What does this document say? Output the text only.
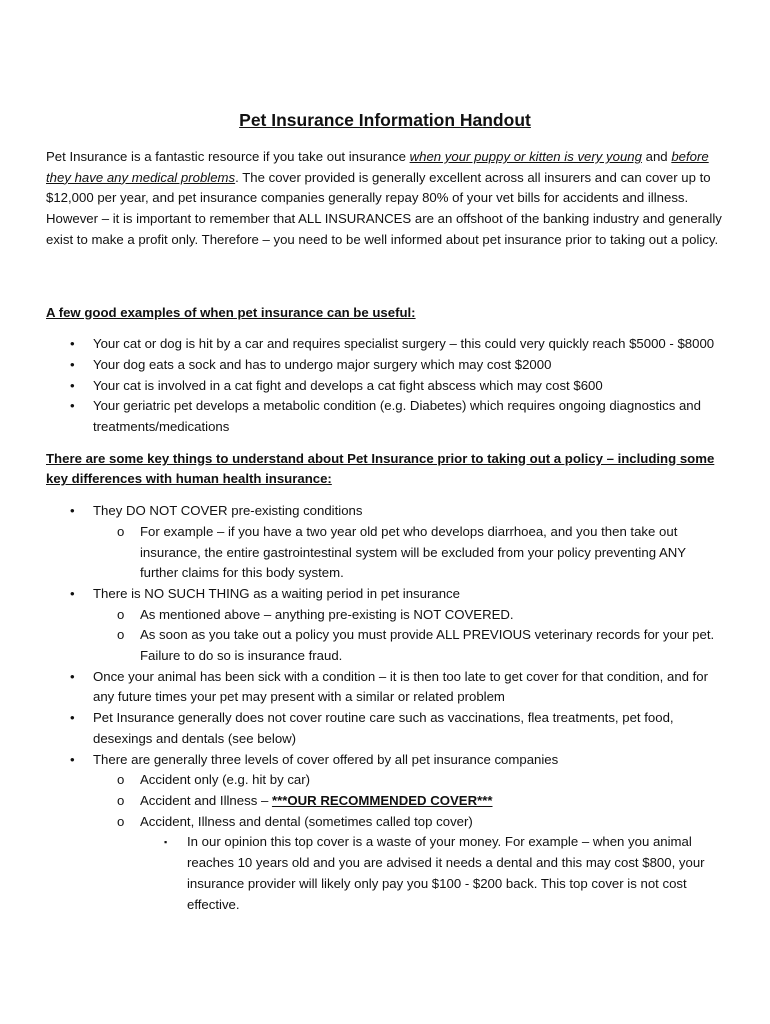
Pet Insurance Information Handout

Pet Insurance is a fantastic resource if you take out insurance when your puppy or kitten is very young and before they have any medical problems. The cover provided is generally excellent across all insurers and can cover up to $12,000 per year, and pet insurance companies generally repay 80% of your vet bills for accidents and illness. However – it is important to remember that ALL INSURANCES are an offshoot of the banking industry and generally exist to make a profit only. Therefore – you need to be well informed about pet insurance prior to taking out a policy.

A few good examples of when pet insurance can be useful:

• Your cat or dog is hit by a car and requires specialist surgery – this could very quickly reach $5000 - $8000
• Your dog eats a sock and has to undergo major surgery which may cost $2000
• Your cat is involved in a cat fight and develops a cat fight abscess which may cost $600
• Your geriatric pet develops a metabolic condition (e.g. Diabetes) which requires ongoing diagnostics and treatments/medications

There are some key things to understand about Pet Insurance prior to taking out a policy – including some key differences with human health insurance:

• They DO NOT COVER pre-existing conditions
o For example – if you have a two year old pet who develops diarrhoea, and you then take out insurance, the entire gastrointestinal system will be excluded from your policy preventing ANY further claims for this body system.
• There is NO SUCH THING as a waiting period in pet insurance
o As mentioned above – anything pre-existing is NOT COVERED.
o As soon as you take out a policy you must provide ALL PREVIOUS veterinary records for your pet. Failure to do so is insurance fraud.
• Once your animal has been sick with a condition – it is then too late to get cover for that condition, and for any future times your pet may present with a similar or related problem
• Pet Insurance generally does not cover routine care such as vaccinations, flea treatments, pet food, desexings and dentals (see below)
• There are generally three levels of cover offered by all pet insurance companies
o Accident only (e.g. hit by car)
o Accident and Illness – ***OUR RECOMMENDED COVER***
o Accident, Illness and dental (sometimes called top cover)
▪ In our opinion this top cover is a waste of your money. For example – when you animal reaches 10 years old and you are advised it needs a dental and this may cost $800, your insurance provider will likely only pay you $100 - $200 back. This top cover is not cost effective.
